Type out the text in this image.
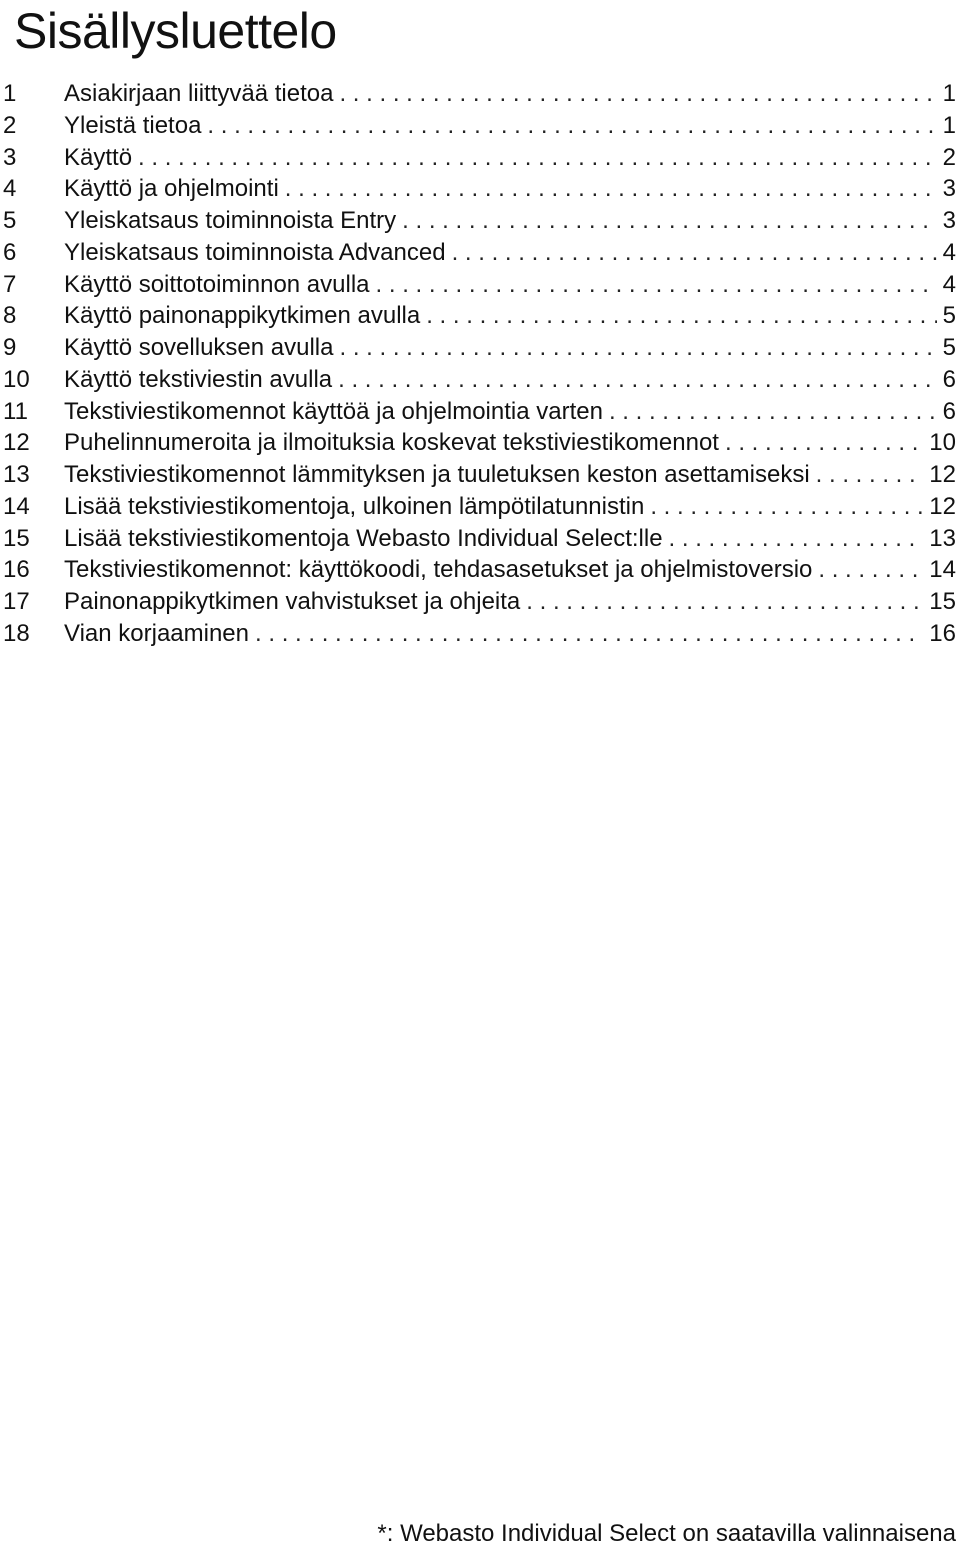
Sisällysluettelo
1 Asiakirjaan liittyvää tietoa . . .	1
2 Yleistä tietoa . . .	1
3 Käyttö . . .	2
4 Käyttö ja ohjelmointi . . .	3
5 Yleiskatsaus toiminnoista Entry . . .	3
6 Yleiskatsaus toiminnoista Advanced . . .	4
7 Käyttö soittotoiminnon avulla . . .	4
8 Käyttö painonappikytkimen avulla . . .	5
9 Käyttö sovelluksen avulla . . .	5
10 Käyttö tekstiviestin avulla . . .	6
11 Tekstiviestikomennot käyttöä ja ohjelmointia varten . . .	6
12 Puhelinnumeroita ja ilmoituksia koskevat tekstiviestikomennot . . .	10
13 Tekstiviestikomennot lämmityksen ja tuuletuksen keston asettamiseksi . . .	12
14 Lisää tekstiviestikomentoja, ulkoinen lämpötilatunnistin . . .	12
15 Lisää tekstiviestikomentoja Webasto Individual Select:lle . . .	13
16 Tekstiviestikomennot: käyttökoodi, tehdasasetukset ja ohjelmistoversio . . .	14
17 Painonappikytkimen vahvistukset ja ohjeita . . .	15
18 Vian korjaaminen . . .	16
*: Webasto Individual Select on saatavilla valinnaisena
